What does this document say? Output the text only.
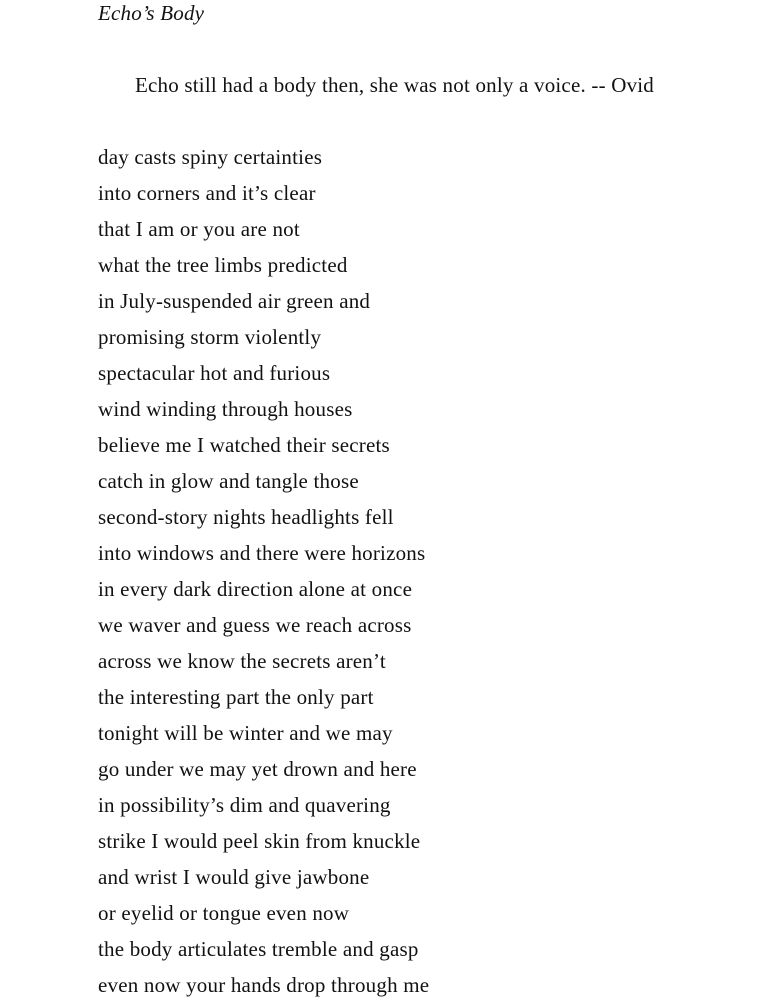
Echo’s Body
Echo still had a body then, she was not only a voice. -- Ovid
day casts spiny certainties
into corners and it’s clear
that I am or you are not
what the tree limbs predicted
in July-suspended air green and
promising storm violently
spectacular hot and furious
wind winding through houses
believe me I watched their secrets
catch in glow and tangle those
second-story nights headlights fell
into windows and there were horizons
in every dark direction alone at once
we waver and guess we reach across
across we know the secrets aren’t
the interesting part the only part
tonight will be winter and we may
go under we may yet drown and here
in possibility’s dim and quavering
strike I would peel skin from knuckle
and wrist I would give jawbone
or eyelid or tongue even now
the body articulates tremble and gasp
even now your hands drop through me
